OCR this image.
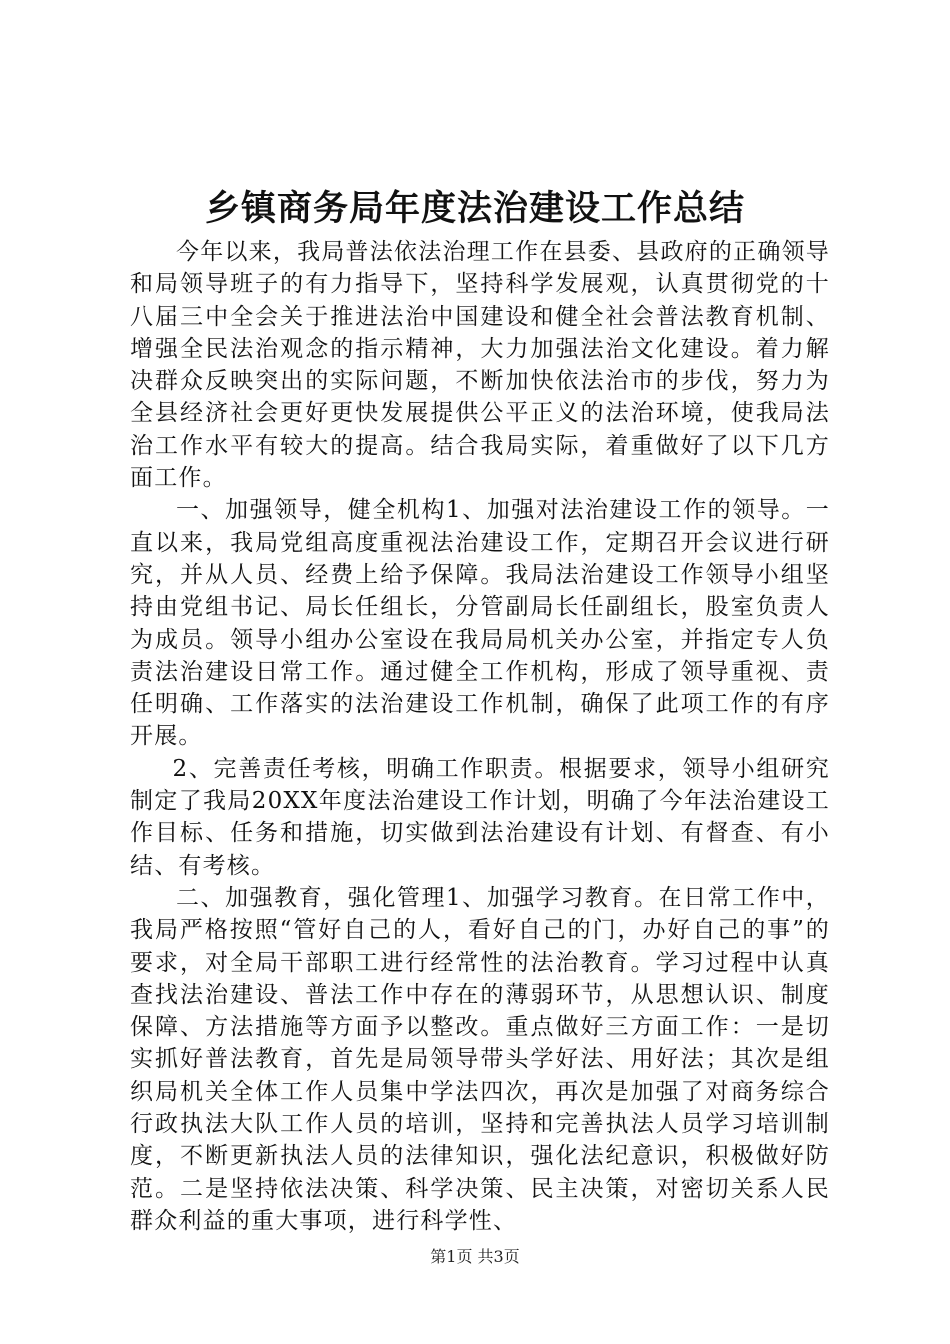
乡镇商务局年度法治建设工作总结

今年以来，我局普法依法治理工作在县委、县政府的正确领导和局领导班子的有力指导下，坚持科学发展观，认真贯彻党的十八届三中全会关于推进法治中国建设和健全社会普法教育机制、增强全民法治观念的指示精神，大力加强法治文化建设。着力解决群众反映突出的实际问题，不断加快依法治市的步伐，努力为全县经济社会更好更快发展提供公平正义的法治环境，使我局法治工作水平有较大的提高。结合我局实际，着重做好了以下几方面工作。

一、加强领导，健全机构1、加强对法治建设工作的领导。一直以来，我局党组高度重视法治建设工作，定期召开会议进行研究，并从人员、经费上给予保障。我局法治建设工作领导小组坚持由党组书记、局长任组长，分管副局长任副组长，股室负责人为成员。领导小组办公室设在我局局机关办公室，并指定专人负责法治建设日常工作。通过健全工作机构，形成了领导重视、责任明确、工作落实的法治建设工作机制，确保了此项工作的有序开展。

2、完善责任考核，明确工作职责。根据要求，领导小组研究制定了我局20XX年度法治建设工作计划，明确了今年法治建设工作目标、任务和措施，切实做到法治建设有计划、有督查、有小结、有考核。

二、加强教育，强化管理1、加强学习教育。在日常工作中，我局严格按照“管好自己的人，看好自己的门，办好自己的事”的要求，对全局干部职工进行经常性的法治教育。学习过程中认真查找法治建设、普法工作中存在的薄弱环节，从思想认识、制度保障、方法措施等方面予以整改。重点做好三方面工作：一是切实抓好普法教育，首先是局领导带头学好法、用好法；其次是组织局机关全体工作人员集中学法四次，再次是加强了对商务综合行政执法大队工作人员的培训，坚持和完善执法人员学习培训制度，不断更新执法人员的法律知识，强化法纪意识，积极做好防范。二是坚持依法决策、科学决策、民主决策，对密切关系人民群众利益的重大事项，进行科学性、

第1页 共3页
